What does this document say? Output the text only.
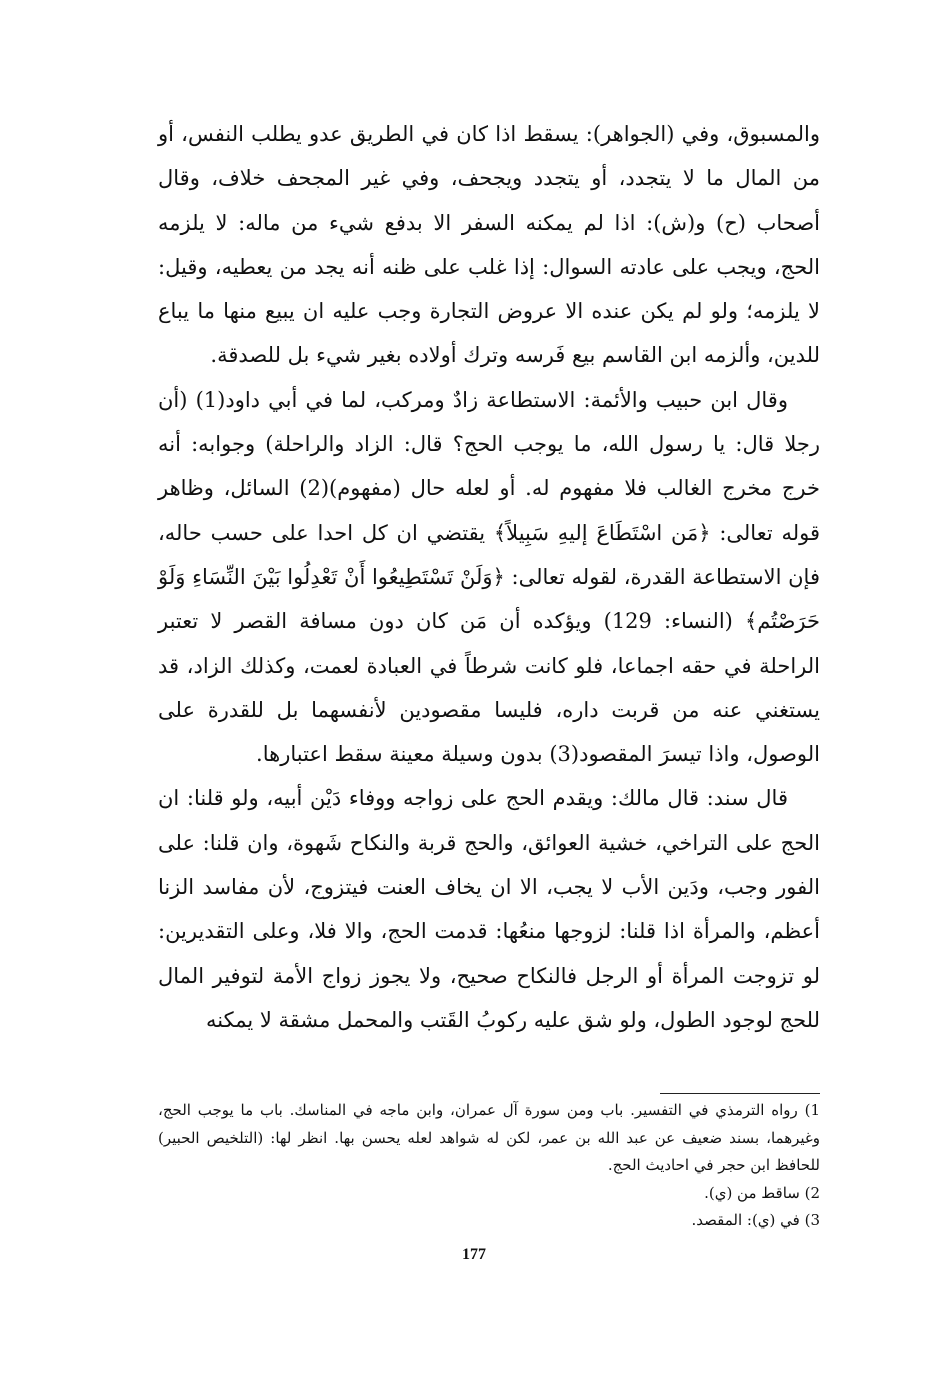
والمسبوق، وفي (الجواهر): يسقط اذا كان في الطريق عدو يطلب النفس، أو من المال ما لا يتجدد، أو يتجدد ويجحف، وفي غير المجحف خلاف، وقال أصحاب (ح) و(ش): اذا لم يمكنه السفر الا بدفع شيء من ماله: لا يلزمه الحج، ويجب على عادته السوال: إذا غلب على ظنه أنه يجد من يعطيه، وقيل: لا يلزمه؛ ولو لم يكن عنده الا عروض التجارة وجب عليه ان يبيع منها ما يباع للدين، وألزمه ابن القاسم بيع فَرسه وترك أولاده بغير شيء بل للصدقة.

وقال ابن حبيب والأئمة: الاستطاعة زادٌ ومركب، لما في أبي داود(1) (أن رجلا قال: يا رسول الله، ما يوجب الحج؟ قال: الزاد والراحلة) وجوابه: أنه خرج مخرج الغالب فلا مفهوم له. أو لعله حال (مفهوم)(2) السائل، وظاهر قوله تعالى: ﴿مَن اسْتَطَاعَ إليهِ سَبِيلاً﴾ يقتضي ان كل احدا على حسب حاله، فإن الاستطاعة القدرة، لقوله تعالى: ﴿وَلَنْ تَسْتَطِيعُوا أَنْ تَعْدِلُوا بَيْنَ النِّسَاءِ وَلَوْ حَرَصْتُم﴾ (النساء: 129) ويؤكده أن مَن كان دون مسافة القصر لا تعتبر الراحلة في حقه اجماعا، فلو كانت شرطاً في العبادة لعمت، وكذلك الزاد، قد يستغني عنه من قربت داره، فليسا مقصودين لأنفسهما بل للقدرة على الوصول، واذا تيسرَ المقصود(3) بدون وسيلة معينة سقط اعتبارها.

قال سند: قال مالك: ويقدم الحج على زواجه ووفاء دَيْن أبيه، ولو قلنا: ان الحج على التراخي، خشية العوائق، والحج قربة والنكاح شَهوة، وان قلنا: على الفور وجب، ودَين الأب لا يجب، الا ان يخاف العنت فيتزوج، لأن مفاسد الزنا أعظم، والمرأة اذا قلنا: لزوجها منعُها: قدمت الحج، والا فلا، وعلى التقديرين: لو تزوجت المرأة أو الرجل فالنكاح صحيح، ولا يجوز زواج الأمة لتوفير المال للحج لوجود الطول، ولو شق عليه ركوبُ القَتب والمحمل مشقة لا يمكنه

1) رواه الترمذي في التفسير. باب ومن سورة آل عمران، وابن ماجه في المناسك. باب ما يوجب الحج، وغيرهما، بسند ضعيف عن عبد الله بن عمر، لكن له شواهد لعله يحسن بها. انظر لها: (التلخيص الحبير) للحافظ ابن حجر في احاديث الحج.

2) ساقط من (ي).

3) في (ي): المقصد.

177
